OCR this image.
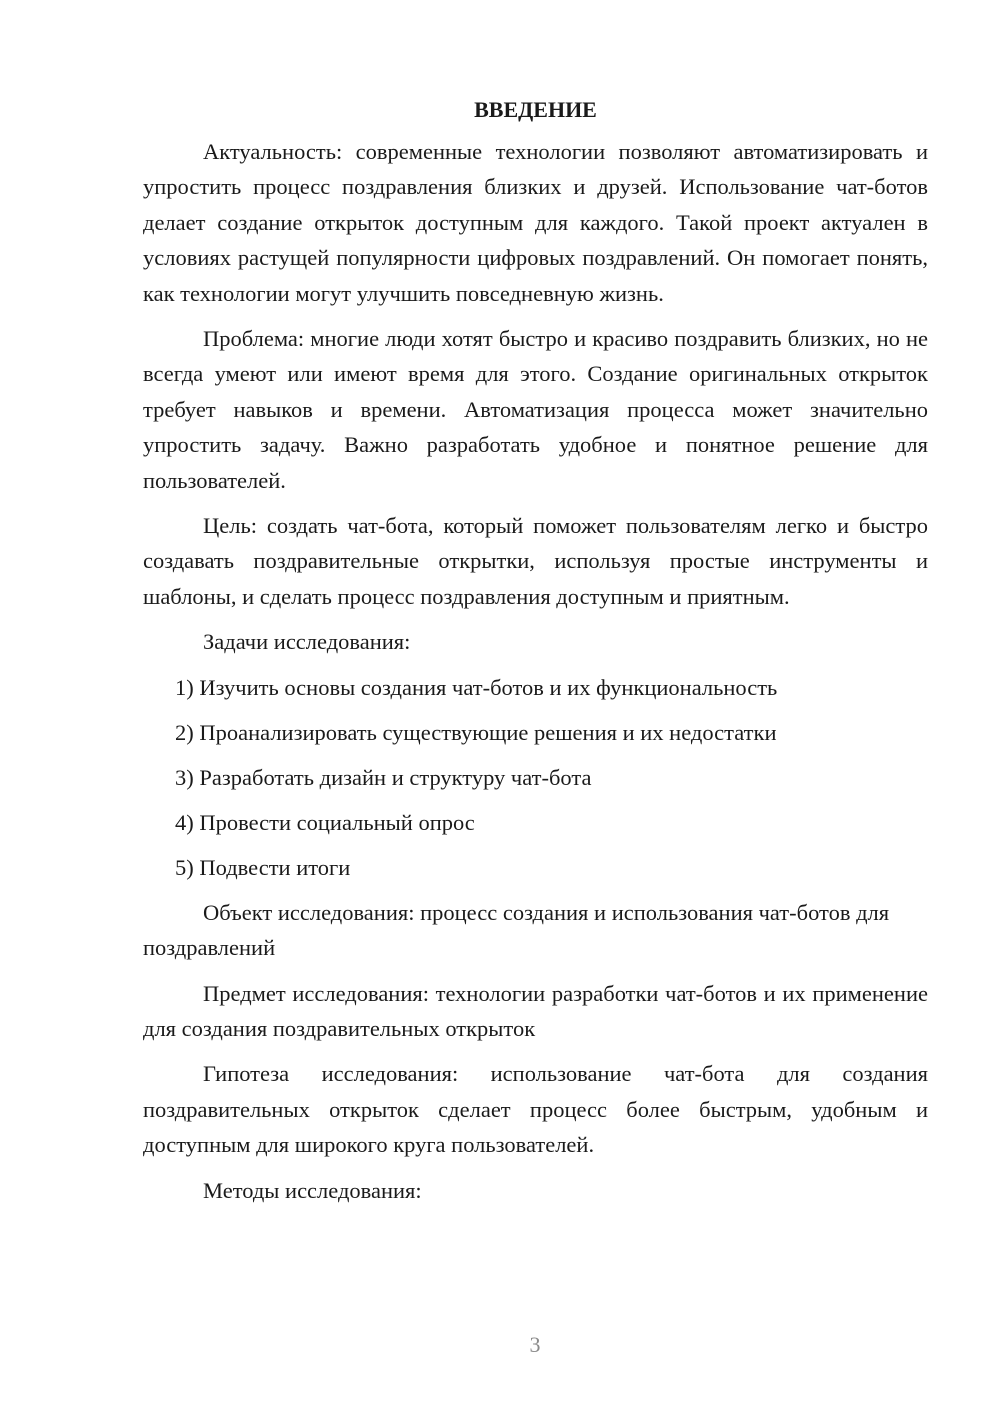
ВВЕДЕНИЕ

Актуальность: современные технологии позволяют автоматизировать и упростить процесс поздравления близких и друзей. Использование чат-ботов делает создание открыток доступным для каждого. Такой проект актуален в условиях растущей популярности цифровых поздравлений. Он помогает понять, как технологии могут улучшить повседневную жизнь.

Проблема: многие люди хотят быстро и красиво поздравить близких, но не всегда умеют или имеют время для этого. Создание оригинальных открыток требует навыков и времени. Автоматизация процесса может значительно упростить задачу. Важно разработать удобное и понятное решение для пользователей.

Цель: создать чат-бота, который поможет пользователям легко и быстро создавать поздравительные открытки, используя простые инструменты и шаблоны, и сделать процесс поздравления доступным и приятным.

Задачи исследования:
1) Изучить основы создания чат-ботов и их функциональность
2) Проанализировать существующие решения и их недостатки
3) Разработать дизайн и структуру чат-бота
4) Провести социальный опрос
5) Подвести итоги

Объект исследования: процесс создания и использования чат-ботов для поздравлений

Предмет исследования: технологии разработки чат-ботов и их применение для создания поздравительных открыток

Гипотеза исследования: использование чат-бота для создания поздравительных открыток сделает процесс более быстрым, удобным и доступным для широкого круга пользователей.

Методы исследования:

3
